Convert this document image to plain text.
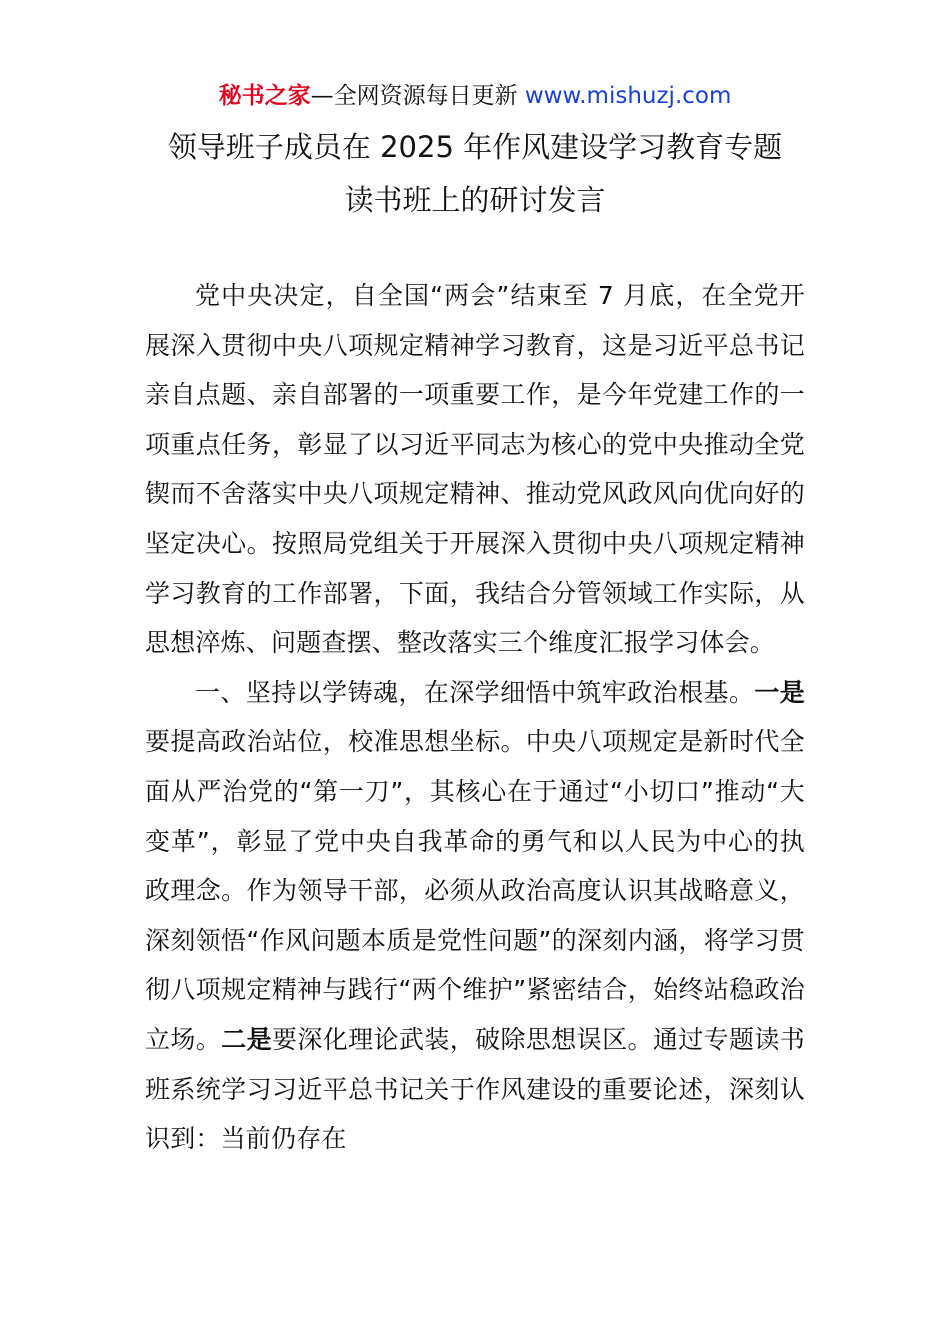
秘书之家—全网资源每日更新 www.mishuzj.com
领导班子成员在 2025 年作风建设学习教育专题
读书班上的研讨发言

党中央决定，自全国“两会”结束至 7 月底，在全党开展深入贯彻中央八项规定精神学习教育，这是习近平总书记亲自点题、亲自部署的一项重要工作，是今年党建工作的一项重点任务，彰显了以习近平同志为核心的党中央推动全党锲而不舍落实中央八项规定精神、推动党风政风向优向好的坚定决心。按照局党组关于开展深入贯彻中央八项规定精神学习教育的工作部署，下面，我结合分管领域工作实际，从思想淬炼、问题查摆、整改落实三个维度汇报学习体会。

一、坚持以学铸魂，在深学细悟中筑牢政治根基。一是要提高政治站位，校准思想坐标。中央八项规定是新时代全面从严治党的“第一刀”，其核心在于通过“小切口”推动“大变革”，彰显了党中央自我革命的勇气和以人民为中心的执政理念。作为领导干部，必须从政治高度认识其战略意义，深刻领悟“作风问题本质是党性问题”的深刻内涵，将学习贯彻八项规定精神与践行“两个维护”紧密结合，始终站稳政治立场。二是要深化理论武装，破除思想误区。通过专题读书班系统学习习近平总书记关于作风建设的重要论述，深刻认识到：当前仍存在
